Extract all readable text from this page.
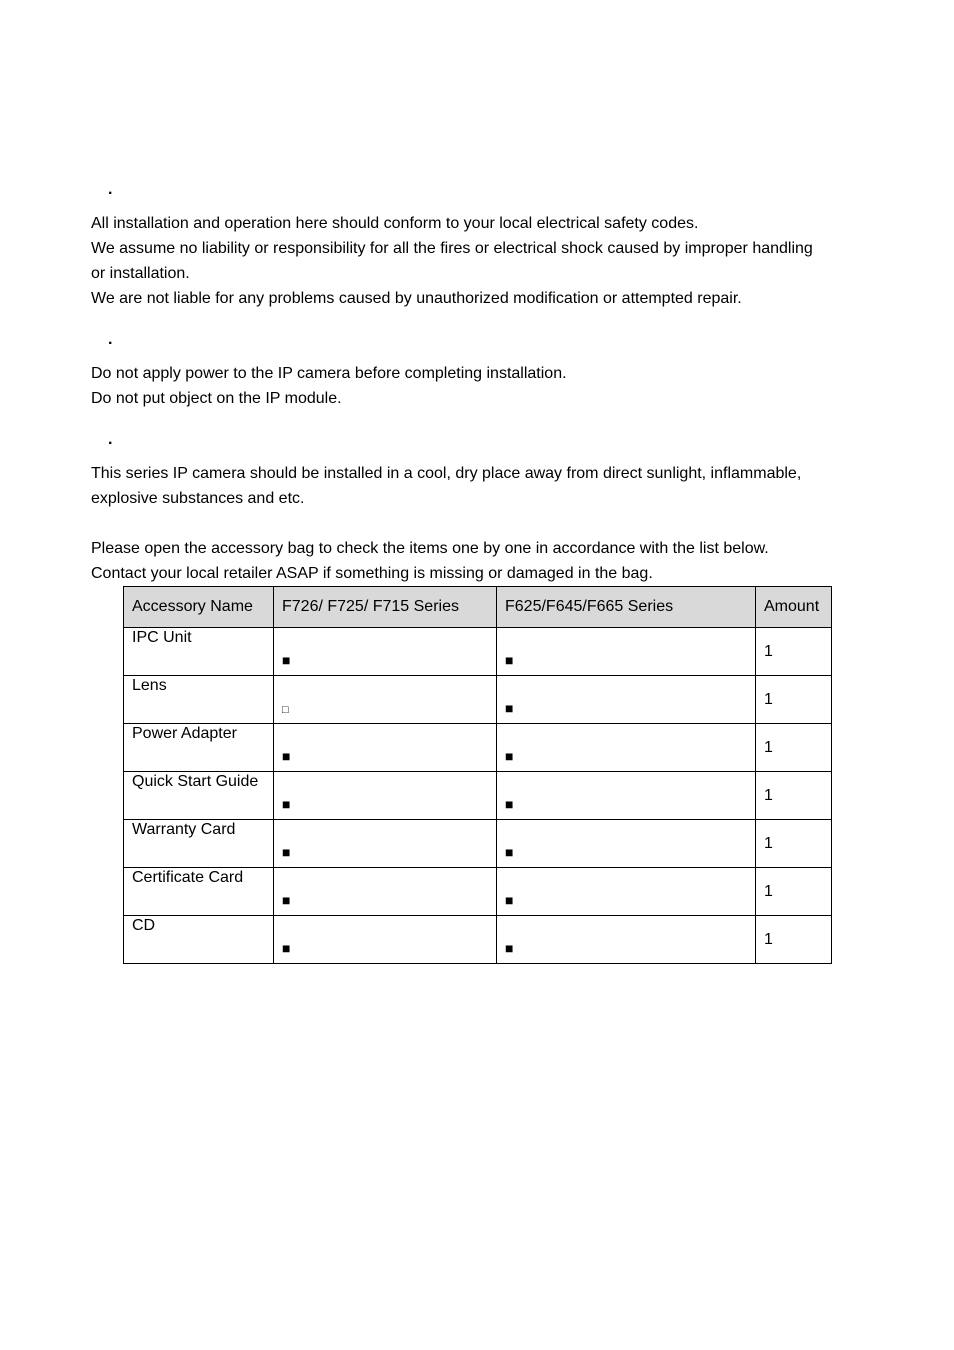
.

All installation and operation here should conform to your local electrical safety codes.

We assume no liability or responsibility for all the fires or electrical shock caused by improper handling

or installation.

We are not liable for any problems caused by unauthorized modification or attempted repair.

.

Do not apply power to the IP camera before completing installation.

Do not put object on the IP module.

.

This series IP camera should be installed in a cool, dry place away from direct sunlight, inflammable,

explosive substances and etc.

Please open the accessory bag to check the items one by one in accordance with the list below.

Contact your local retailer ASAP if something is missing or damaged in the bag.

Accessory Name	F726/ F725/ F715 Series	F625/F645/F665 Series	Amount
IPC Unit	■	■	1
Lens	□	■	1
Power Adapter	■	■	1
Quick Start Guide	■	■	1
Warranty Card	■	■	1
Certificate Card	■	■	1
CD	■	■	1
